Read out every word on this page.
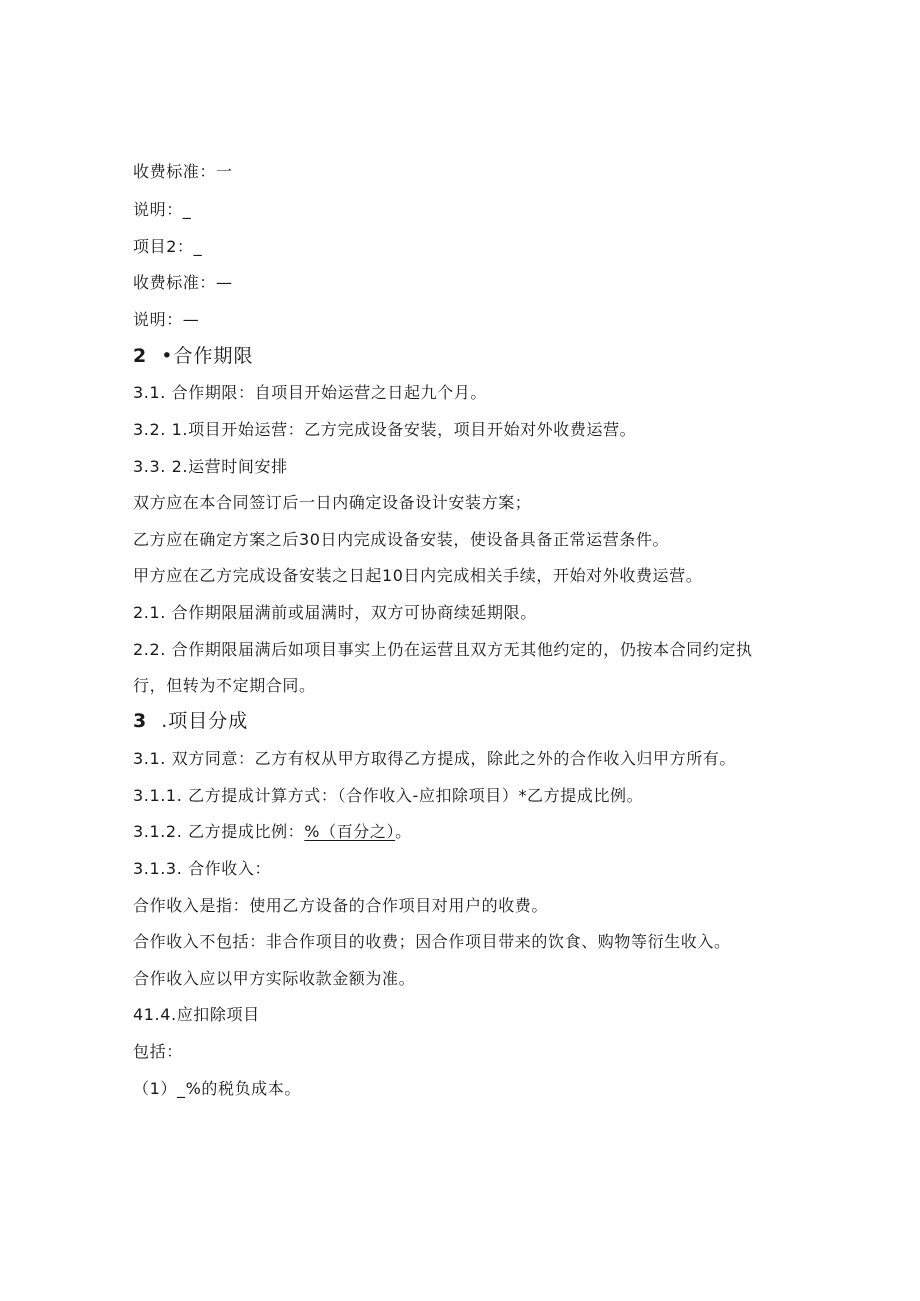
收费标准：一
说明：_
项目2：_
收费标准：—
说明：—
2 •合作期限
3.1. 合作期限：自项目开始运营之日起九个月。
3.2. 1.项目开始运营：乙方完成设备安装，项目开始对外收费运营。
3.3. 2.运营时间安排
双方应在本合同签订后一日内确定设备设计安装方案；
乙方应在确定方案之后30日内完成设备安装，使设备具备正常运营条件。
甲方应在乙方完成设备安装之日起10日内完成相关手续，开始对外收费运营。
2.1. 合作期限届满前或届满时，双方可协商续延期限。
2.2. 合作期限届满后如项目事实上仍在运营且双方无其他约定的，仍按本合同约定执
行，但转为不定期合同。
3 .项目分成
3.1. 双方同意：乙方有权从甲方取得乙方提成，除此之外的合作收入归甲方所有。
3.1.1. 乙方提成计算方式：（合作收入-应扣除项目）*乙方提成比例。
3.1.2. 乙方提成比例：%（百分之）。
3.1.3. 合作收入：
合作收入是指：使用乙方设备的合作项目对用户的收费。
合作收入不包括：非合作项目的收费；因合作项目带来的饮食、购物等衍生收入。
合作收入应以甲方实际收款金额为准。
41.4.应扣除项目
包括：
（1）_%的税负成本。
